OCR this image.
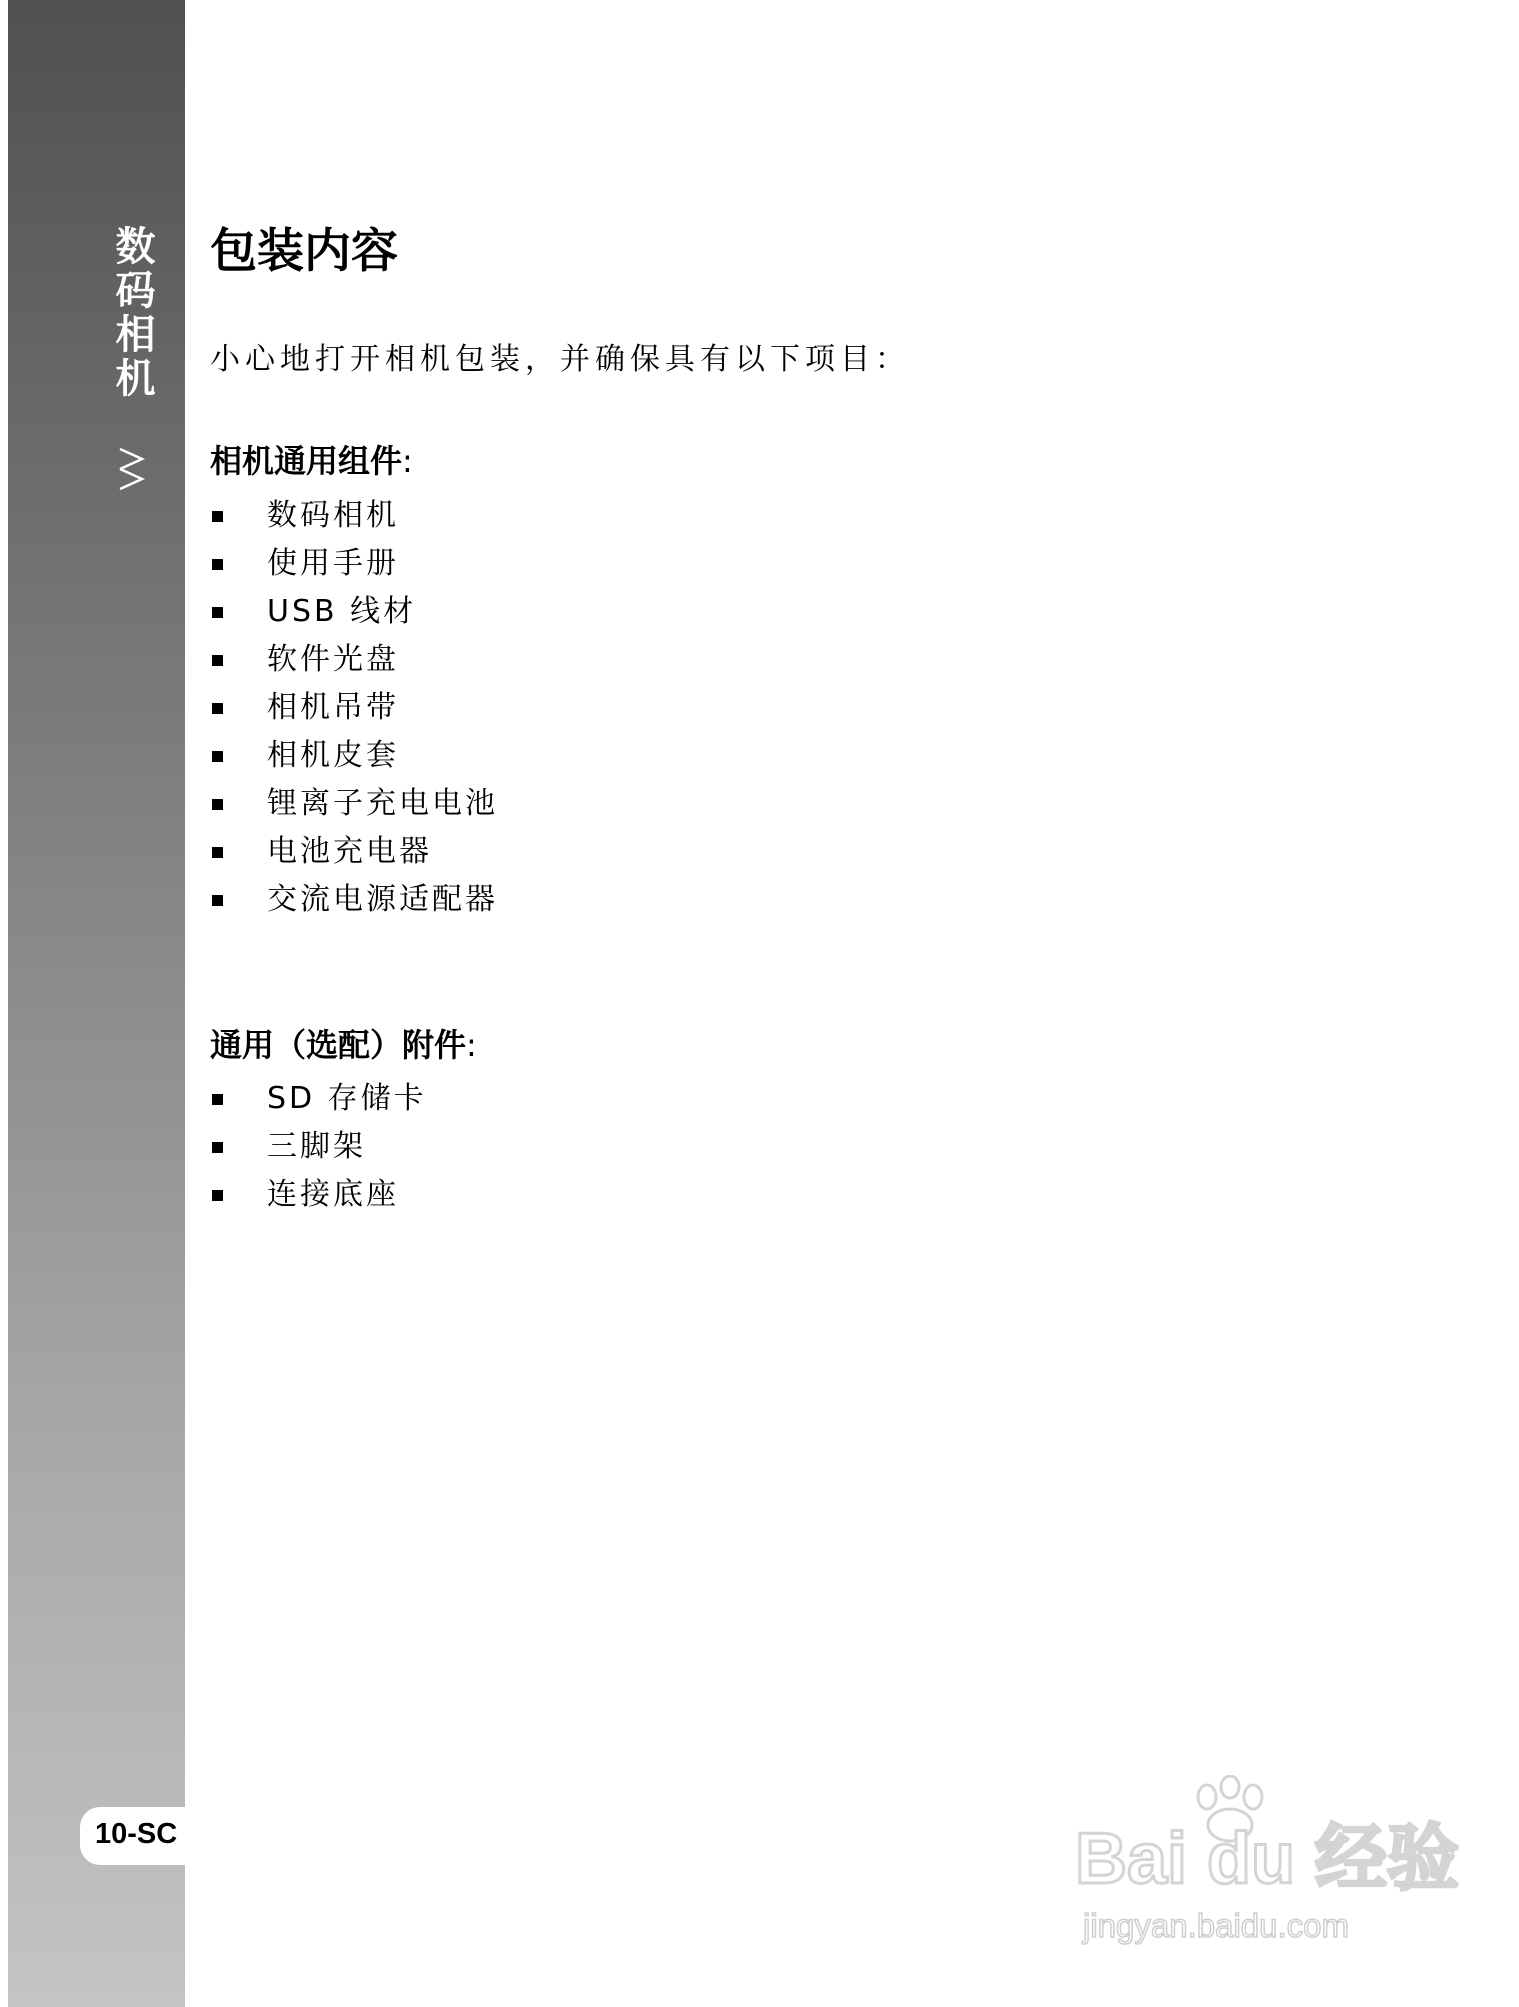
数码相机
10-SC
包装内容

小心地打开相机包装，并确保具有以下项目：

相机通用组件:
数码相机
使用手册
USB 线材
软件光盘
相机吊带
相机皮套
锂离子充电电池
电池充电器
交流电源适配器
通用（选配）附件:
SD 存储卡
三脚架
连接底座
Bai du 经验
jingyan.baidu.com
